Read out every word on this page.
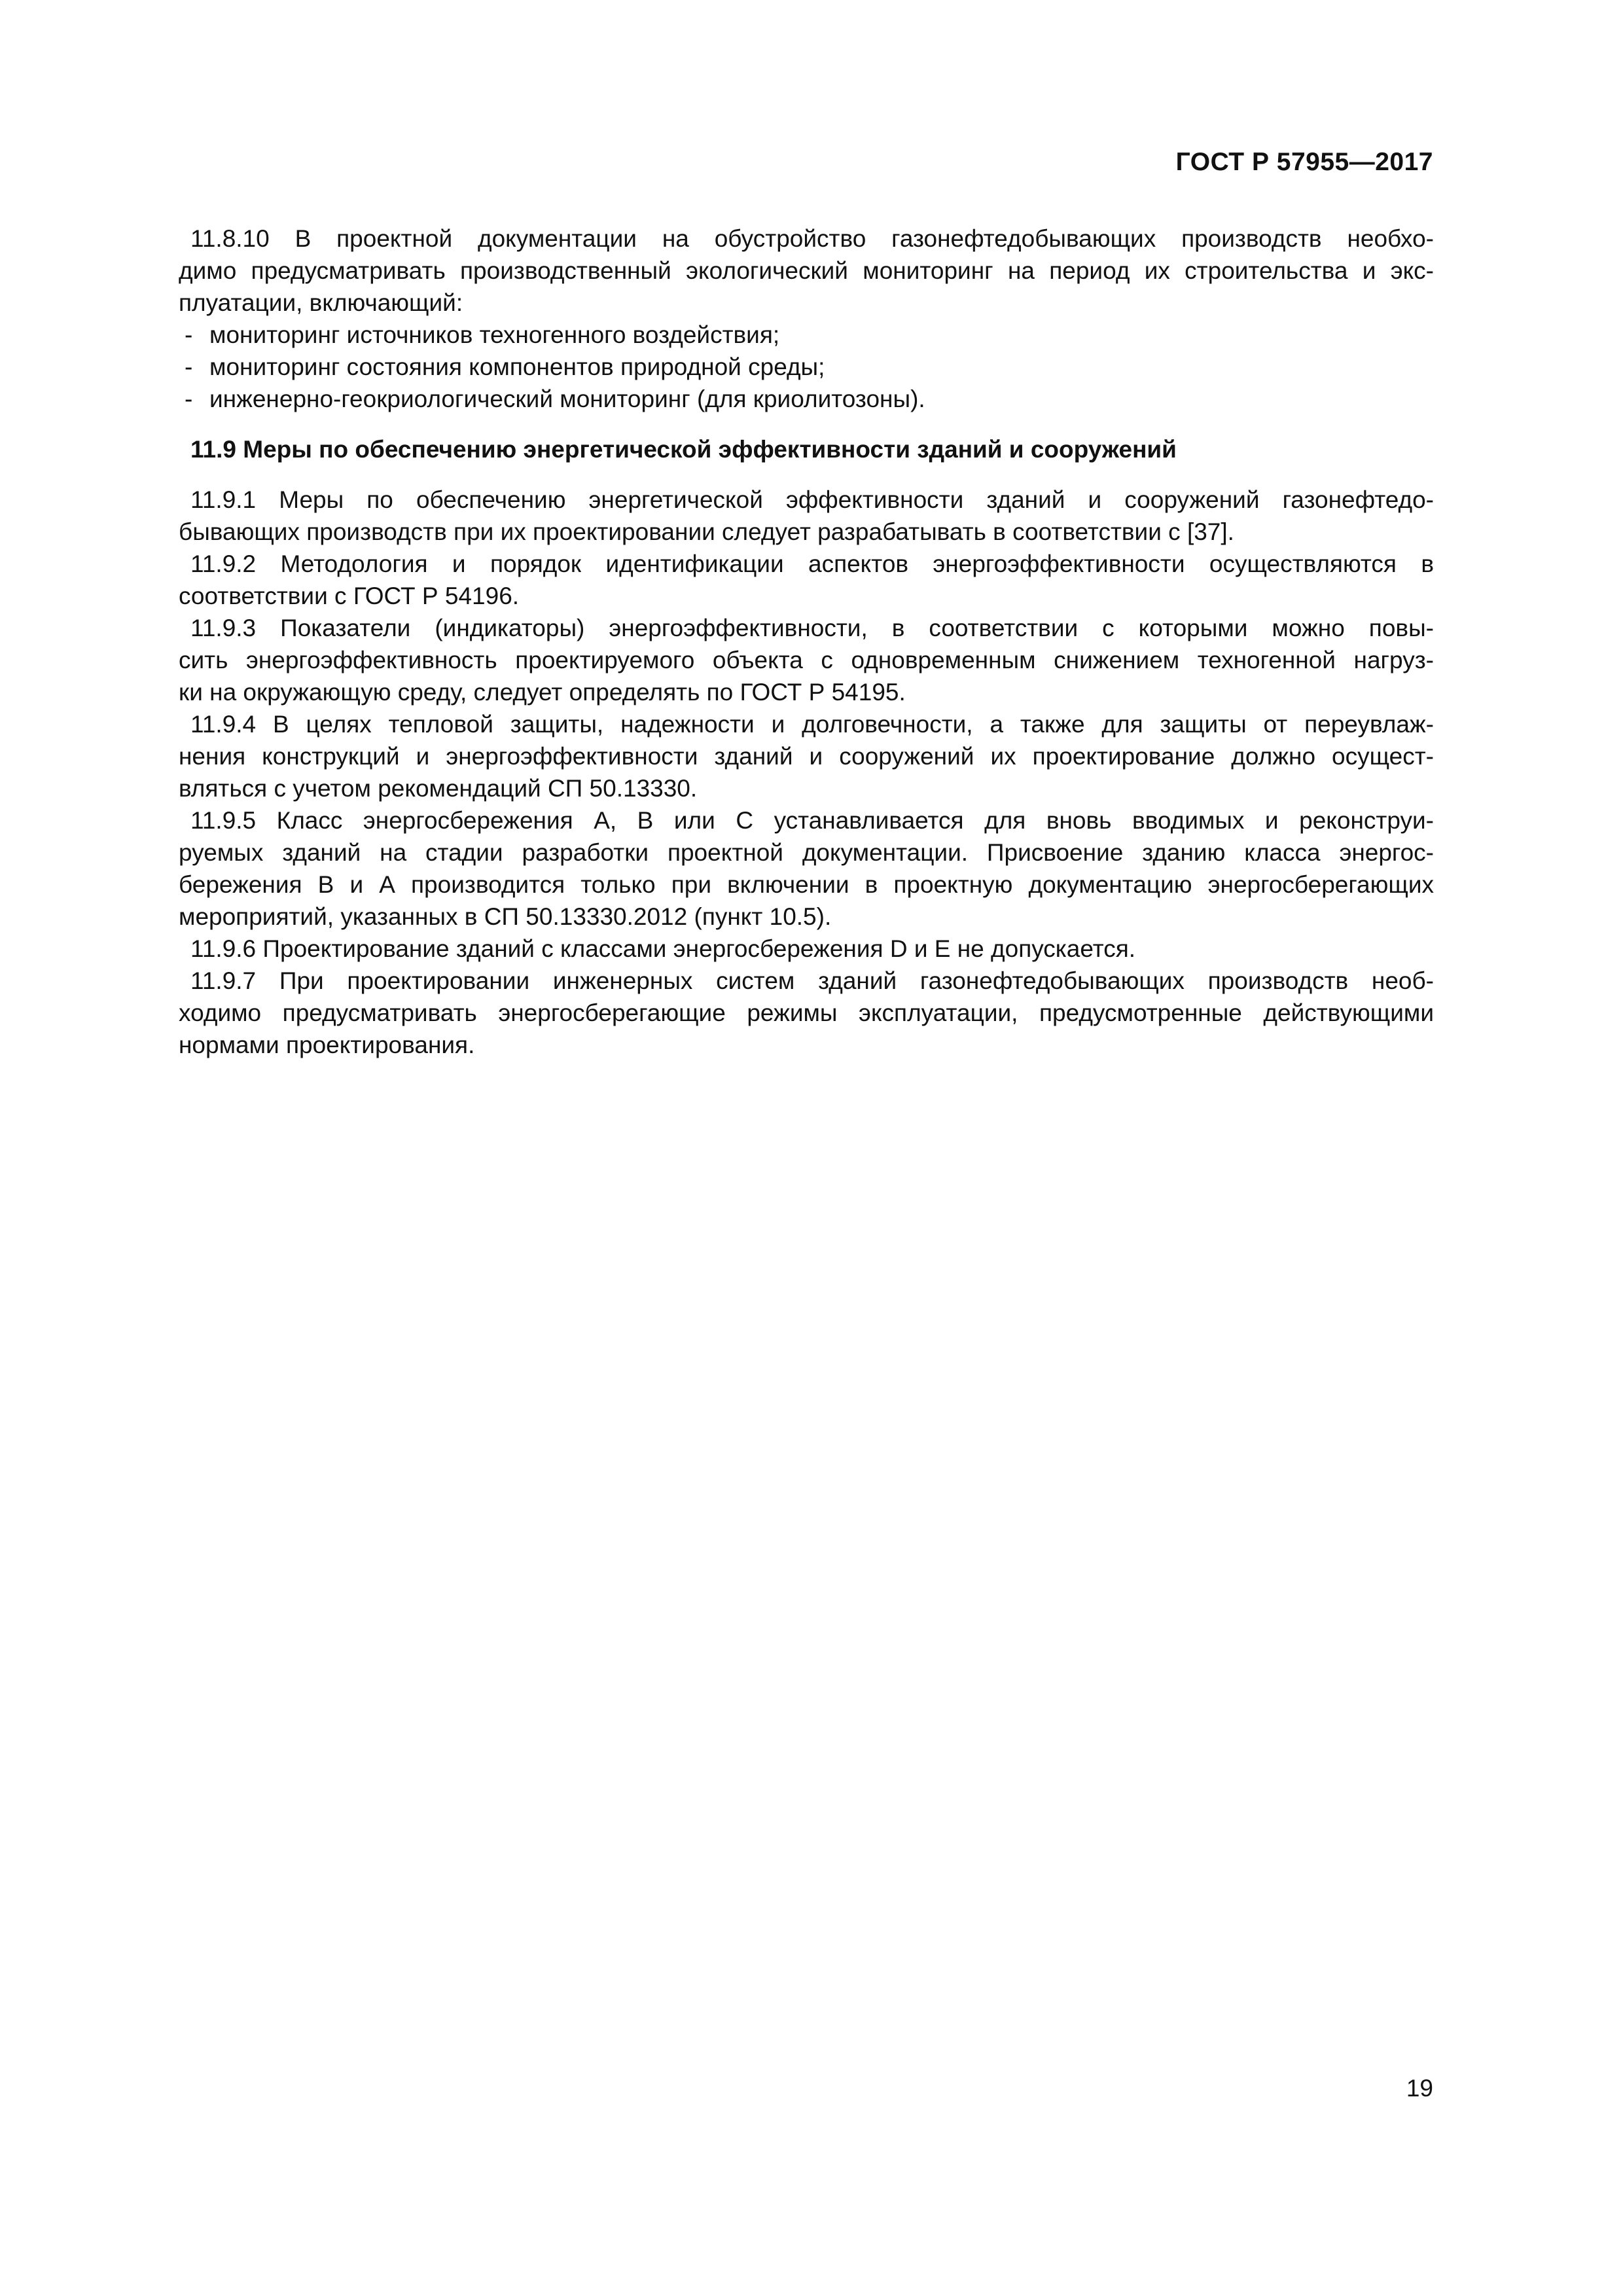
ГОСТ Р 57955—2017
11.8.10 В проектной документации на обустройство газонефтедобывающих производств необхо-
димо предусматривать производственный экологический мониторинг на период их строительства и экс-
плуатации, включающий:
- мониторинг источников техногенного воздействия;
- мониторинг состояния компонентов природной среды;
- инженерно-геокриологический мониторинг (для криолитозоны).
11.9 Меры по обеспечению энергетической эффективности зданий и сооружений
11.9.1 Меры по обеспечению энергетической эффективности зданий и сооружений газонефтедо-
бывающих производств при их проектировании следует разрабатывать в соответствии с [37].
11.9.2 Методология и порядок идентификации аспектов энергоэффективности осуществляются в
соответствии с ГОСТ Р 54196.
11.9.3 Показатели (индикаторы) энергоэффективности, в соответствии с которыми можно повы-
сить энергоэффективность проектируемого объекта с одновременным снижением техногенной нагруз-
ки на окружающую среду, следует определять по ГОСТ Р 54195.
11.9.4 В целях тепловой защиты, надежности и долговечности, а также для защиты от переувлаж-
нения конструкций и энергоэффективности зданий и сооружений их проектирование должно осущест-
вляться с учетом рекомендаций СП 50.13330.
11.9.5 Класс энергосбережения А, В или С устанавливается для вновь вводимых и реконструи-
руемых зданий на стадии разработки проектной документации. Присвоение зданию класса энергос-
бережения В и А производится только при включении в проектную документацию энергосберегающих
мероприятий, указанных в СП 50.13330.2012 (пункт 10.5).
11.9.6 Проектирование зданий с классами энергосбережения D и Е не допускается.
11.9.7 При проектировании инженерных систем зданий газонефтедобывающих производств необ-
ходимо предусматривать энергосберегающие режимы эксплуатации, предусмотренные действующими
нормами проектирования.
19
